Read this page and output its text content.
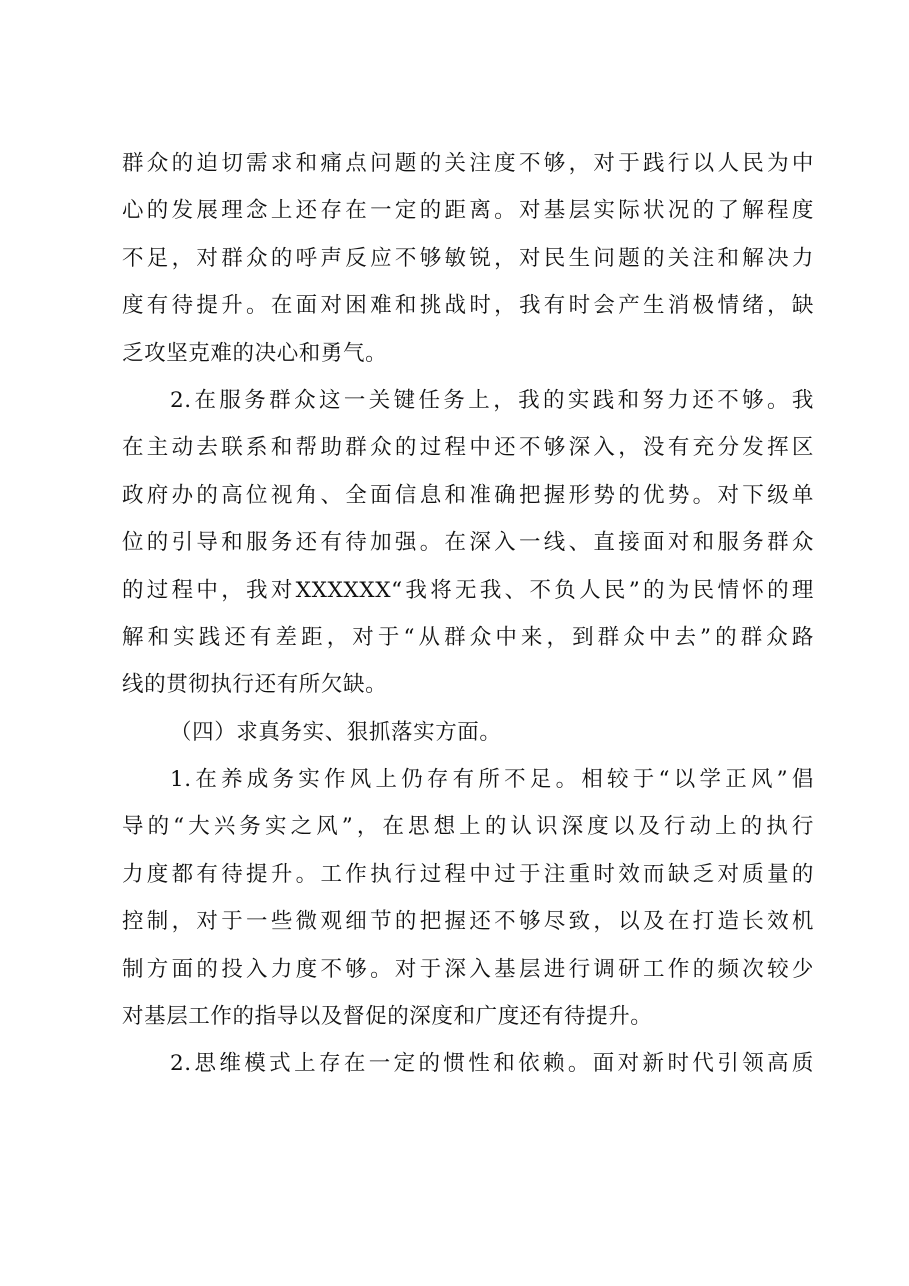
群众的迫切需求和痛点问题的关注度不够，对于践行以人民为中
心的发展理念上还存在一定的距离。对基层实际状况的了解程度
不足，对群众的呼声反应不够敏锐，对民生问题的关注和解决力
度有待提升。在面对困难和挑战时，我有时会产生消极情绪，缺
乏攻坚克难的决心和勇气。
2.在服务群众这一关键任务上，我的实践和努力还不够。我
在主动去联系和帮助群众的过程中还不够深入，没有充分发挥区
政府办的高位视角、全面信息和准确把握形势的优势。对下级单
位的引导和服务还有待加强。在深入一线、直接面对和服务群众
的过程中，我对XXXXXX“我将无我、不负人民”的为民情怀的理
解和实践还有差距，对于“从群众中来，到群众中去”的群众路
线的贯彻执行还有所欠缺。
（四）求真务实、狠抓落实方面。
1.在养成务实作风上仍存有所不足。相较于“以学正风”倡
导的“大兴务实之风”，在思想上的认识深度以及行动上的执行
力度都有待提升。工作执行过程中过于注重时效而缺乏对质量的
控制，对于一些微观细节的把握还不够尽致，以及在打造长效机
制方面的投入力度不够。对于深入基层进行调研工作的频次较少
对基层工作的指导以及督促的深度和广度还有待提升。
2.思维模式上存在一定的惯性和依赖。面对新时代引领高质
